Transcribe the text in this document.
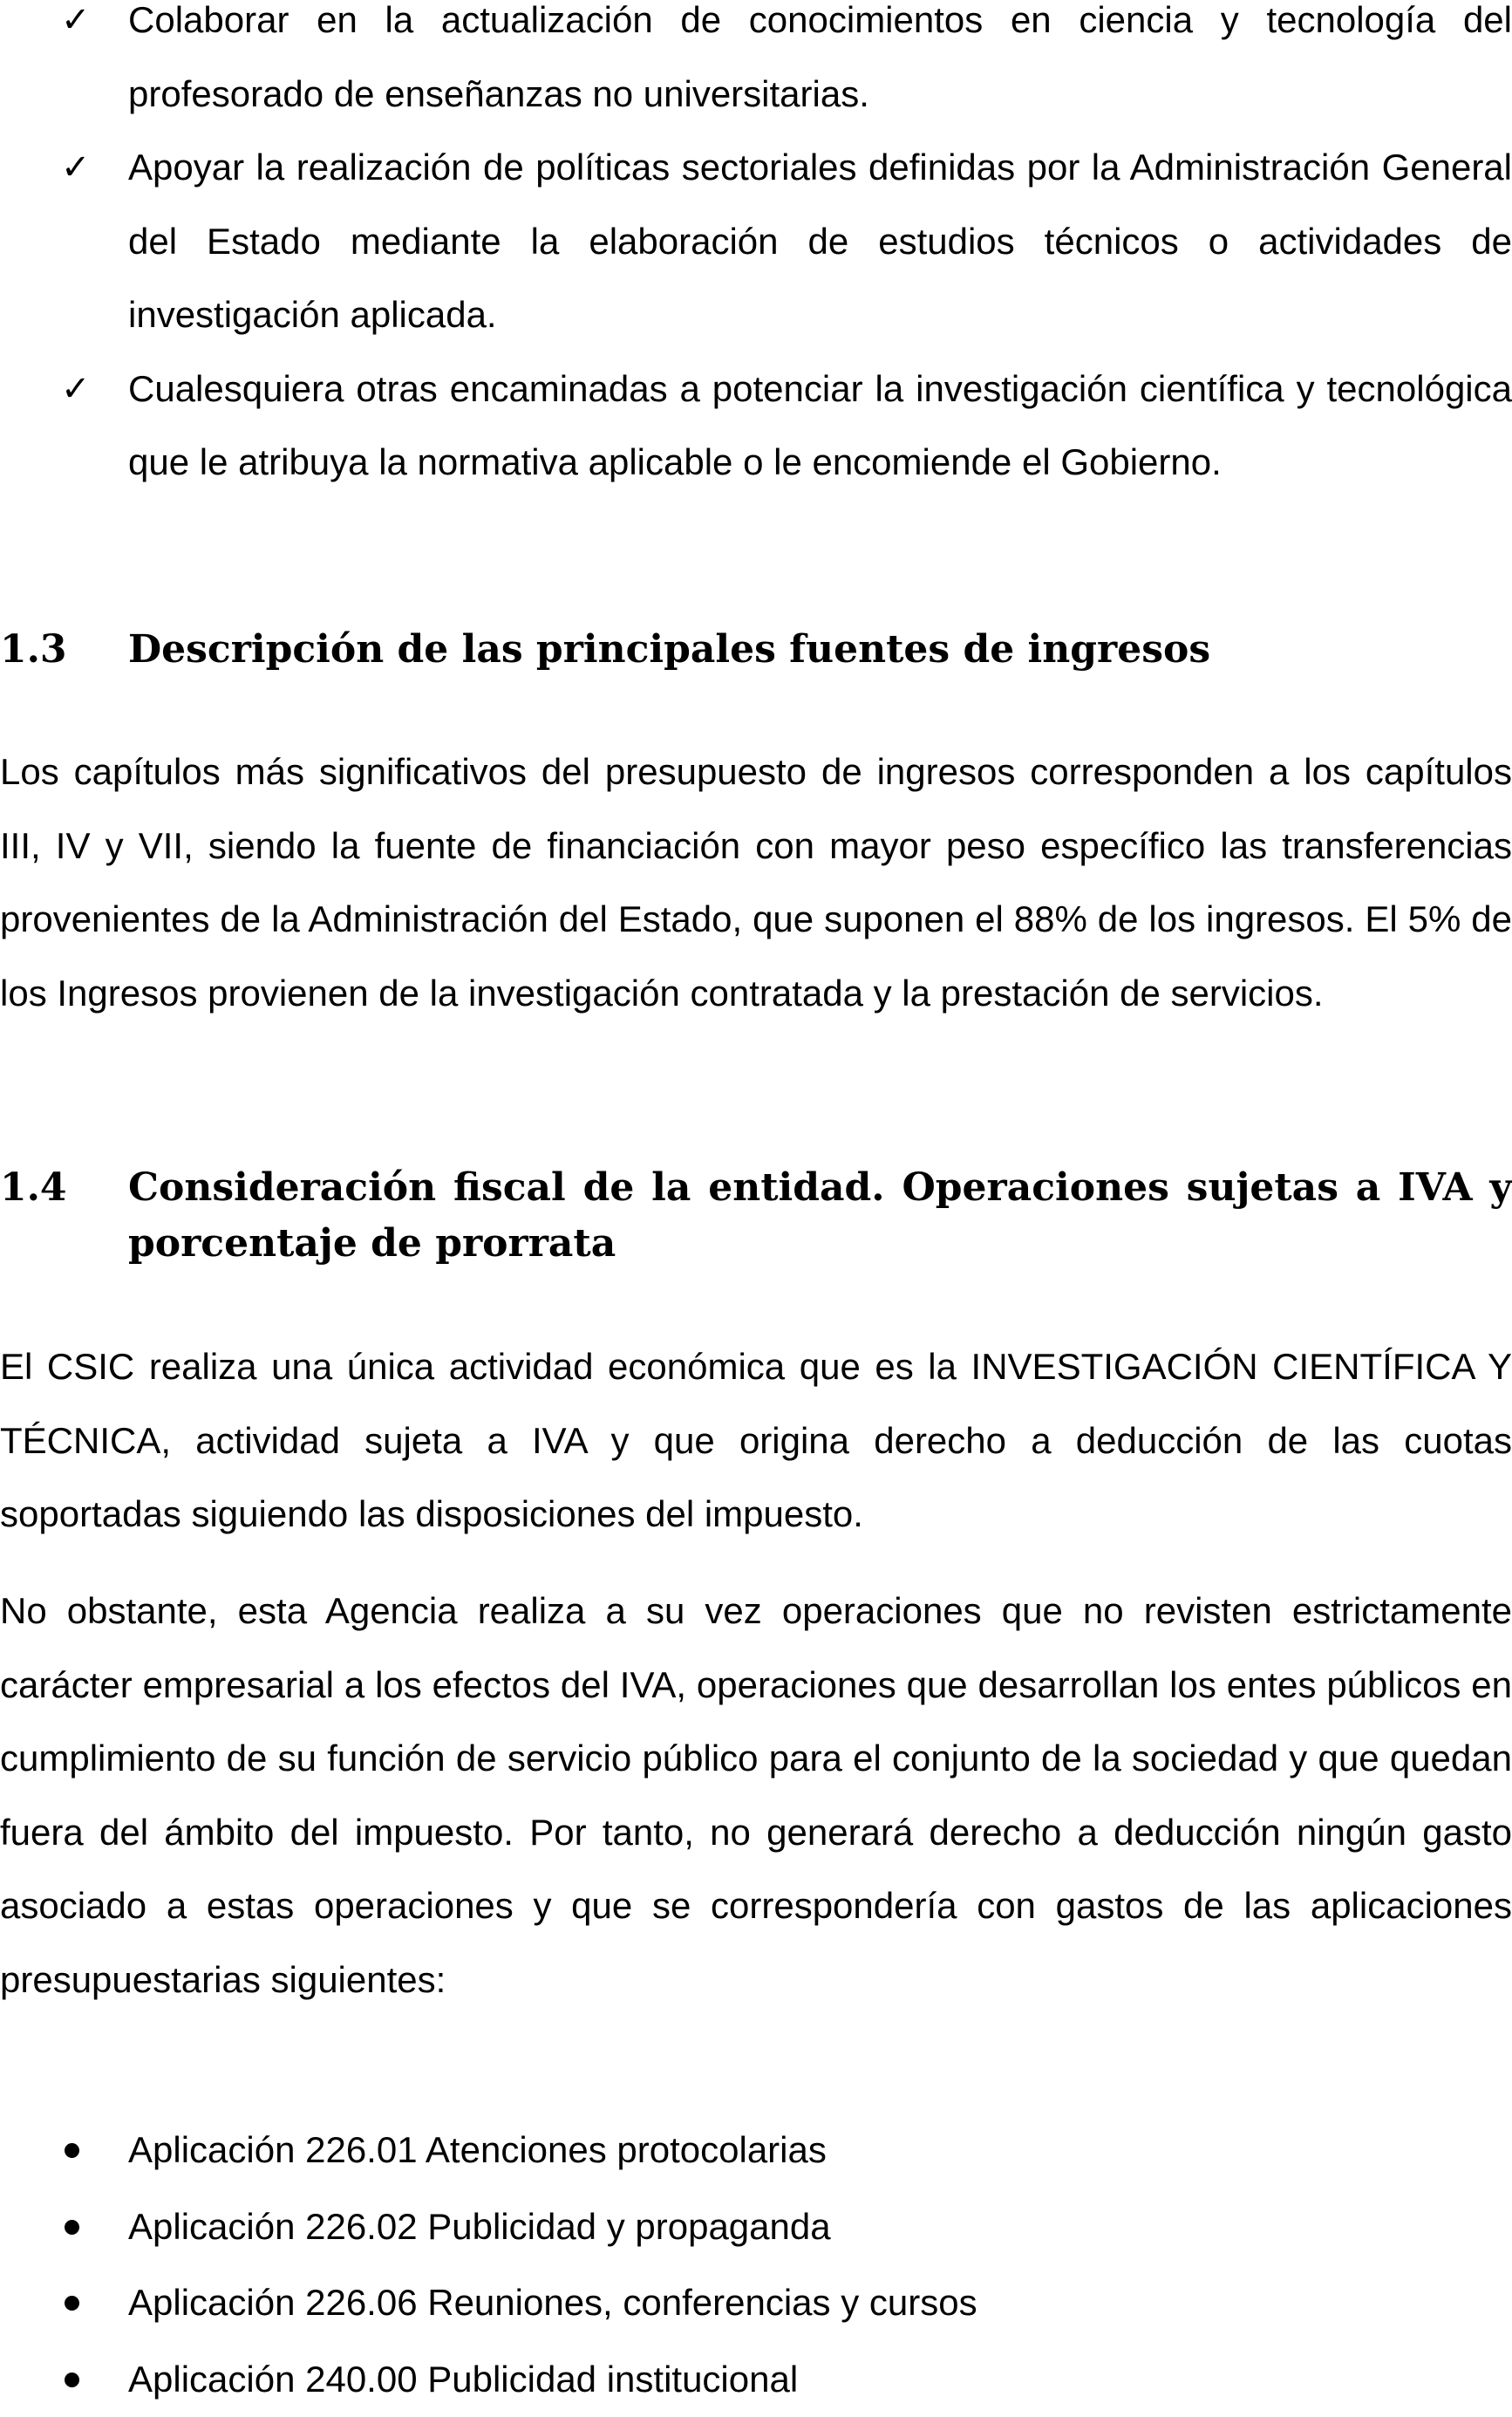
✓ Colaborar en la actualización de conocimientos en ciencia y tecnología del profesorado de enseñanzas no universitarias.
✓ Apoyar la realización de políticas sectoriales definidas por la Administración General del Estado mediante la elaboración de estudios técnicos o actividades de investigación aplicada.
✓ Cualesquiera otras encaminadas a potenciar la investigación científica y tecnológica que le atribuya la normativa aplicable o le encomiende el Gobierno.
1.3	Descripción de las principales fuentes de ingresos

Los capítulos más significativos del presupuesto de ingresos corresponden a los capítulos III, IV y VII, siendo la fuente de financiación con mayor peso específico las transferencias provenientes de la Administración del Estado, que suponen el 88% de los ingresos. El 5% de los Ingresos provienen de la investigación contratada y la prestación de servicios.

1.4	Consideración fiscal de la entidad. Operaciones sujetas a IVA y porcentaje de prorrata

El CSIC realiza una única actividad económica que es la INVESTIGACIÓN CIENTÍFICA Y TÉCNICA, actividad sujeta a IVA y que origina derecho a deducción de las cuotas soportadas siguiendo las disposiciones del impuesto.

No obstante, esta Agencia realiza a su vez operaciones que no revisten estrictamente carácter empresarial a los efectos del IVA, operaciones que desarrollan los entes públicos en cumplimiento de su función de servicio público para el conjunto de la sociedad y que quedan fuera del ámbito del impuesto. Por tanto, no generará derecho a deducción ningún gasto asociado a estas operaciones y que se correspondería con gastos de las aplicaciones presupuestarias siguientes:

Aplicación 226.01 Atenciones protocolarias
Aplicación 226.02 Publicidad y propaganda
Aplicación 226.06 Reuniones, conferencias y cursos
Aplicación 240.00 Publicidad institucional
